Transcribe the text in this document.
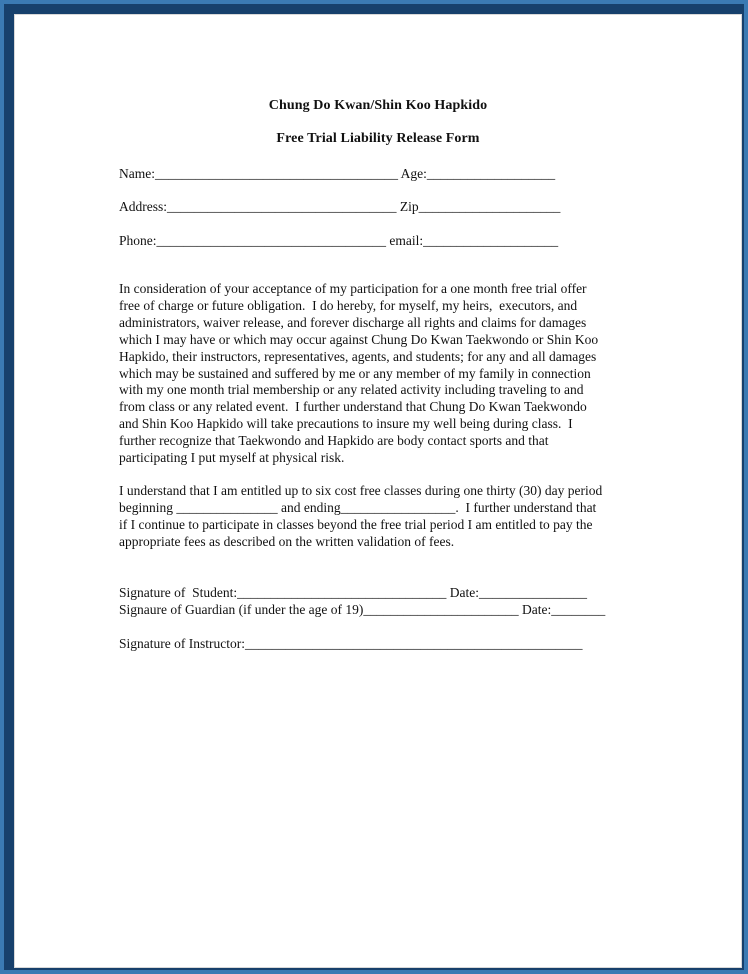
Chung Do Kwan/Shin Koo Hapkido
Free Trial Liability Release Form
Name:____________________________________ Age:___________________
Address:__________________________________ Zip_____________________
Phone:__________________________________ email:____________________
In consideration of your acceptance of my participation for a one month free trial offer
free of charge or future obligation.  I do hereby, for myself, my heirs,  executors, and
administrators, waiver release, and forever discharge all rights and claims for damages
which I may have or which may occur against Chung Do Kwan Taekwondo or Shin Koo
Hapkido, their instructors, representatives, agents, and students; for any and all damages
which may be sustained and suffered by me or any member of my family in connection
with my one month trial membership or any related activity including traveling to and
from class or any related event.  I further understand that Chung Do Kwan Taekwondo
and Shin Koo Hapkido will take precautions to insure my well being during class.  I
further recognize that Taekwondo and Hapkido are body contact sports and that
participating I put myself at physical risk.
I understand that I am entitled up to six cost free classes during one thirty (30) day period
beginning _______________ and ending_________________.  I further understand that
if I continue to participate in classes beyond the free trial period I am entitled to pay the
appropriate fees as described on the written validation of fees.
Signature of  Student:_______________________________ Date:________________
Signaure of Guardian (if under the age of 19)_______________________ Date:________
Signature of Instructor:__________________________________________________
